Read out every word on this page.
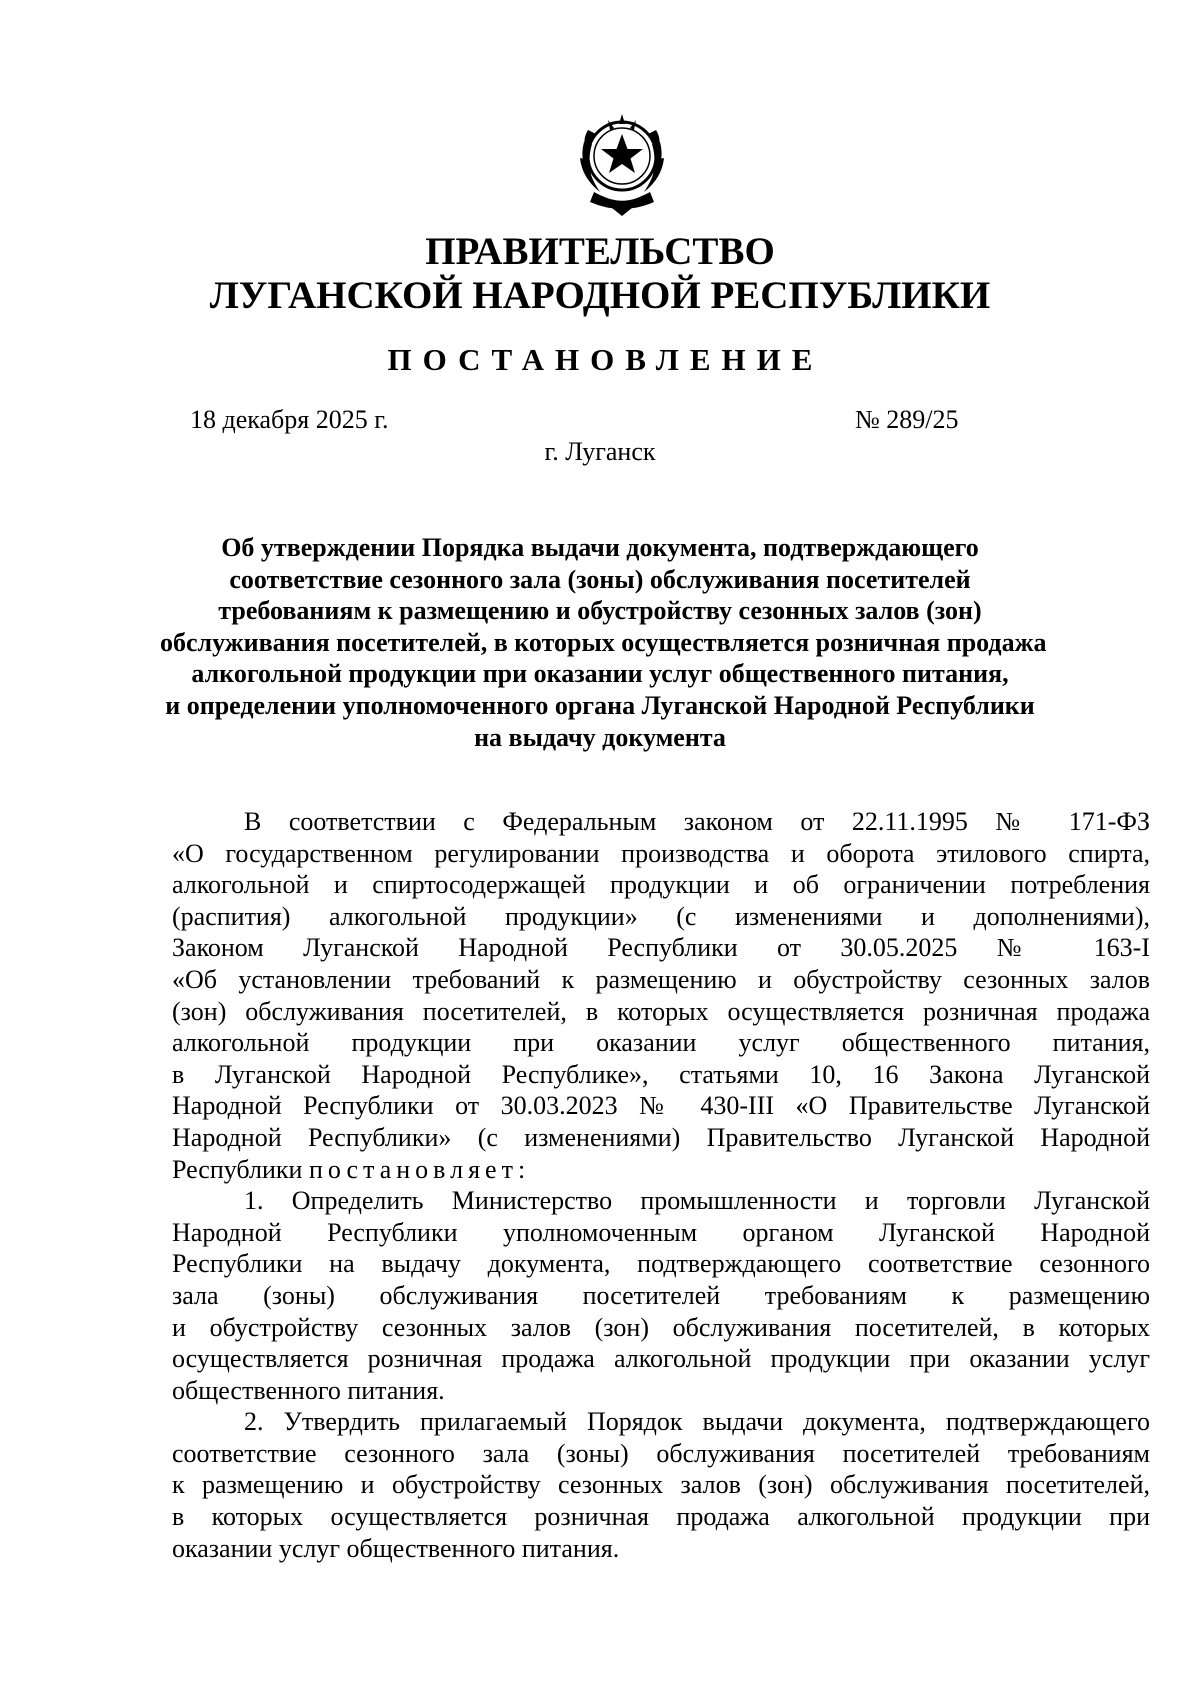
ПРАВИТЕЛЬСТВО
ЛУГАНСКОЙ НАРОДНОЙ РЕСПУБЛИКИ
ПОСТАНОВЛЕНИЕ
18 декабря 2025 г.	№ 289/25
г. Луганск
Об утверждении Порядка выдачи документа, подтверждающего
соответствие сезонного зала (зоны) обслуживания посетителей
требованиям к размещению и обустройству сезонных залов (зон)
обслуживания посетителей, в которых осуществляется розничная продажа
алкогольной продукции при оказании услуг общественного питания,
и определении уполномоченного органа Луганской Народной Республики
на выдачу документа
В соответствии с Федеральным законом от 22.11.1995 № 171-ФЗ
«О государственном регулировании производства и оборота этилового спирта,
алкогольной и спиртосодержащей продукции и об ограничении потребления
(распития) алкогольной продукции» (с изменениями и дополнениями),
Законом Луганской Народной Республики от 30.05.2025 № 163-I
«Об установлении требований к размещению и обустройству сезонных залов
(зон) обслуживания посетителей, в которых осуществляется розничная продажа
алкогольной продукции при оказании услуг общественного питания,
в Луганской Народной Республике», статьями 10, 16 Закона Луганской
Народной Республики от 30.03.2023 № 430-III «О Правительстве Луганской
Народной Республики» (с изменениями) Правительство Луганской Народной
Республики постановляет:
1. Определить Министерство промышленности и торговли Луганской
Народной Республики уполномоченным органом Луганской Народной
Республики на выдачу документа, подтверждающего соответствие сезонного
зала (зоны) обслуживания посетителей требованиям к размещению
и обустройству сезонных залов (зон) обслуживания посетителей, в которых
осуществляется розничная продажа алкогольной продукции при оказании услуг
общественного питания.
2. Утвердить прилагаемый Порядок выдачи документа, подтверждающего
соответствие сезонного зала (зоны) обслуживания посетителей требованиям
к размещению и обустройству сезонных залов (зон) обслуживания посетителей,
в которых осуществляется розничная продажа алкогольной продукции при
оказании услуг общественного питания.
